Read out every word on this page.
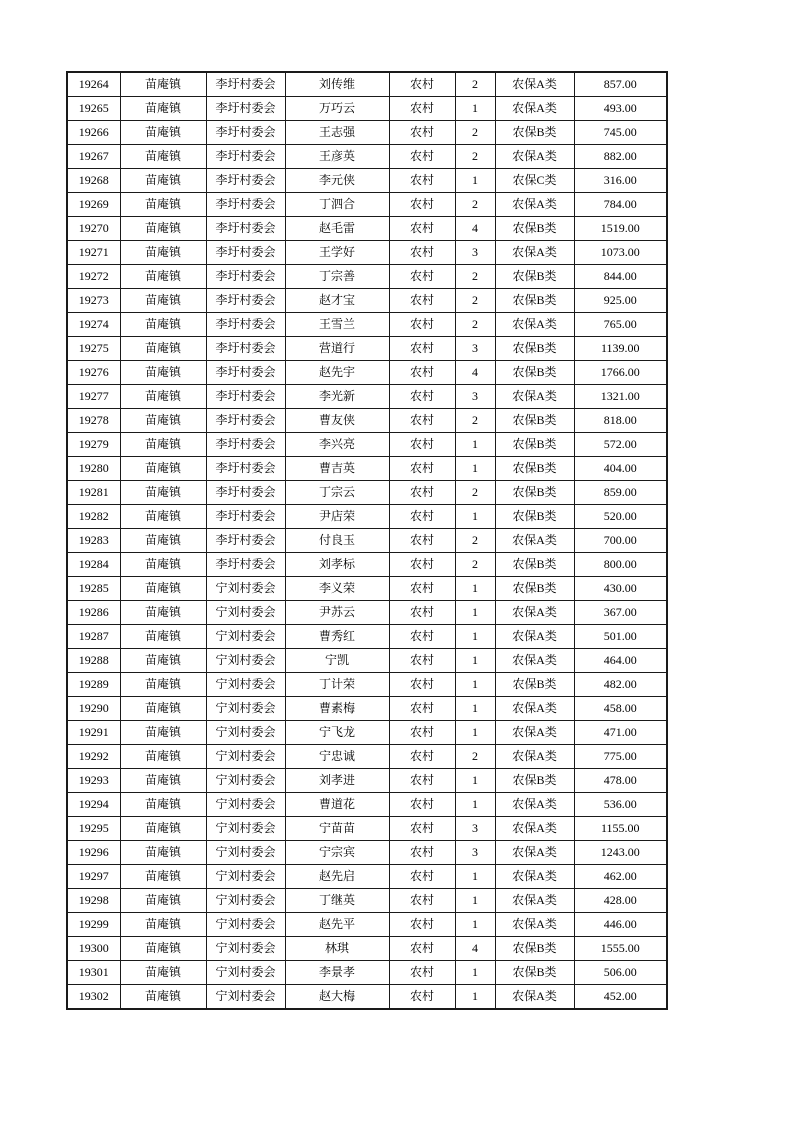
19264	苗庵镇	李圩村委会	刘传维	农村	2	农保A类	857.00
19265	苗庵镇	李圩村委会	万巧云	农村	1	农保A类	493.00
19266	苗庵镇	李圩村委会	王志强	农村	2	农保B类	745.00
19267	苗庵镇	李圩村委会	王彦英	农村	2	农保A类	882.00
19268	苗庵镇	李圩村委会	李元侠	农村	1	农保C类	316.00
19269	苗庵镇	李圩村委会	丁泗合	农村	2	农保A类	784.00
19270	苗庵镇	李圩村委会	赵毛雷	农村	4	农保B类	1519.00
19271	苗庵镇	李圩村委会	王学好	农村	3	农保A类	1073.00
19272	苗庵镇	李圩村委会	丁宗善	农村	2	农保B类	844.00
19273	苗庵镇	李圩村委会	赵才宝	农村	2	农保B类	925.00
19274	苗庵镇	李圩村委会	王雪兰	农村	2	农保A类	765.00
19275	苗庵镇	李圩村委会	营道行	农村	3	农保B类	1139.00
19276	苗庵镇	李圩村委会	赵先宇	农村	4	农保B类	1766.00
19277	苗庵镇	李圩村委会	李光新	农村	3	农保A类	1321.00
19278	苗庵镇	李圩村委会	曹友侠	农村	2	农保B类	818.00
19279	苗庵镇	李圩村委会	李兴亮	农村	1	农保B类	572.00
19280	苗庵镇	李圩村委会	曹吉英	农村	1	农保B类	404.00
19281	苗庵镇	李圩村委会	丁宗云	农村	2	农保B类	859.00
19282	苗庵镇	李圩村委会	尹店荣	农村	1	农保B类	520.00
19283	苗庵镇	李圩村委会	付良玉	农村	2	农保A类	700.00
19284	苗庵镇	李圩村委会	刘孝标	农村	2	农保B类	800.00
19285	苗庵镇	宁刘村委会	李义荣	农村	1	农保B类	430.00
19286	苗庵镇	宁刘村委会	尹苏云	农村	1	农保A类	367.00
19287	苗庵镇	宁刘村委会	曹秀红	农村	1	农保A类	501.00
19288	苗庵镇	宁刘村委会	宁凯	农村	1	农保A类	464.00
19289	苗庵镇	宁刘村委会	丁计荣	农村	1	农保B类	482.00
19290	苗庵镇	宁刘村委会	曹素梅	农村	1	农保A类	458.00
19291	苗庵镇	宁刘村委会	宁飞龙	农村	1	农保A类	471.00
19292	苗庵镇	宁刘村委会	宁忠诚	农村	2	农保A类	775.00
19293	苗庵镇	宁刘村委会	刘孝进	农村	1	农保B类	478.00
19294	苗庵镇	宁刘村委会	曹道花	农村	1	农保A类	536.00
19295	苗庵镇	宁刘村委会	宁苗苗	农村	3	农保A类	1155.00
19296	苗庵镇	宁刘村委会	宁宗宾	农村	3	农保A类	1243.00
19297	苗庵镇	宁刘村委会	赵先启	农村	1	农保A类	462.00
19298	苗庵镇	宁刘村委会	丁继英	农村	1	农保A类	428.00
19299	苗庵镇	宁刘村委会	赵先平	农村	1	农保A类	446.00
19300	苗庵镇	宁刘村委会	林琪	农村	4	农保B类	1555.00
19301	苗庵镇	宁刘村委会	李景孝	农村	1	农保B类	506.00
19302	苗庵镇	宁刘村委会	赵大梅	农村	1	农保A类	452.00
